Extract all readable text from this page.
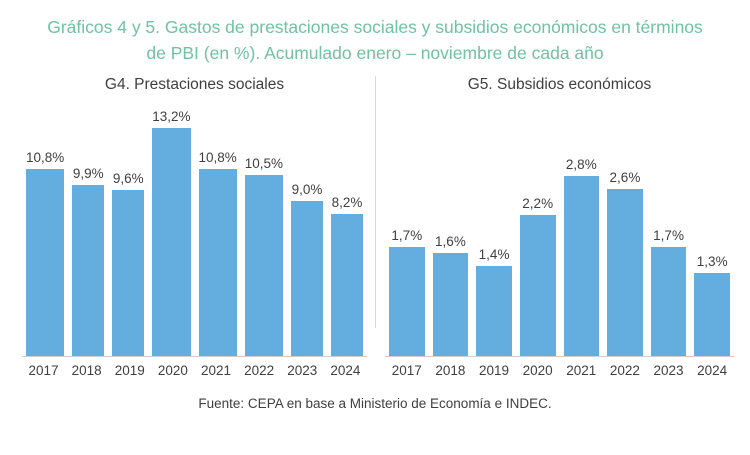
Gráficos 4 y 5. Gastos de prestaciones sociales y subsidios económicos en términos de PBI (en %). Acumulado enero – noviembre de cada año
G4. Prestaciones sociales
10,8%
9,9% 9,6%
13,2%
10,8% 10,5%
9,0%
8,2%
2017 2018 2019 2020 2021 2022 2023 2024
G5. Subsidios económicos
1,7% 1,6%
1,4%
2,2%
2,8%
2,6%
1,7%
1,3%
2017 2018 2019 2020 2021 2022 2023 2024
Fuente: CEPA en base a Ministerio de Economía e INDEC.
